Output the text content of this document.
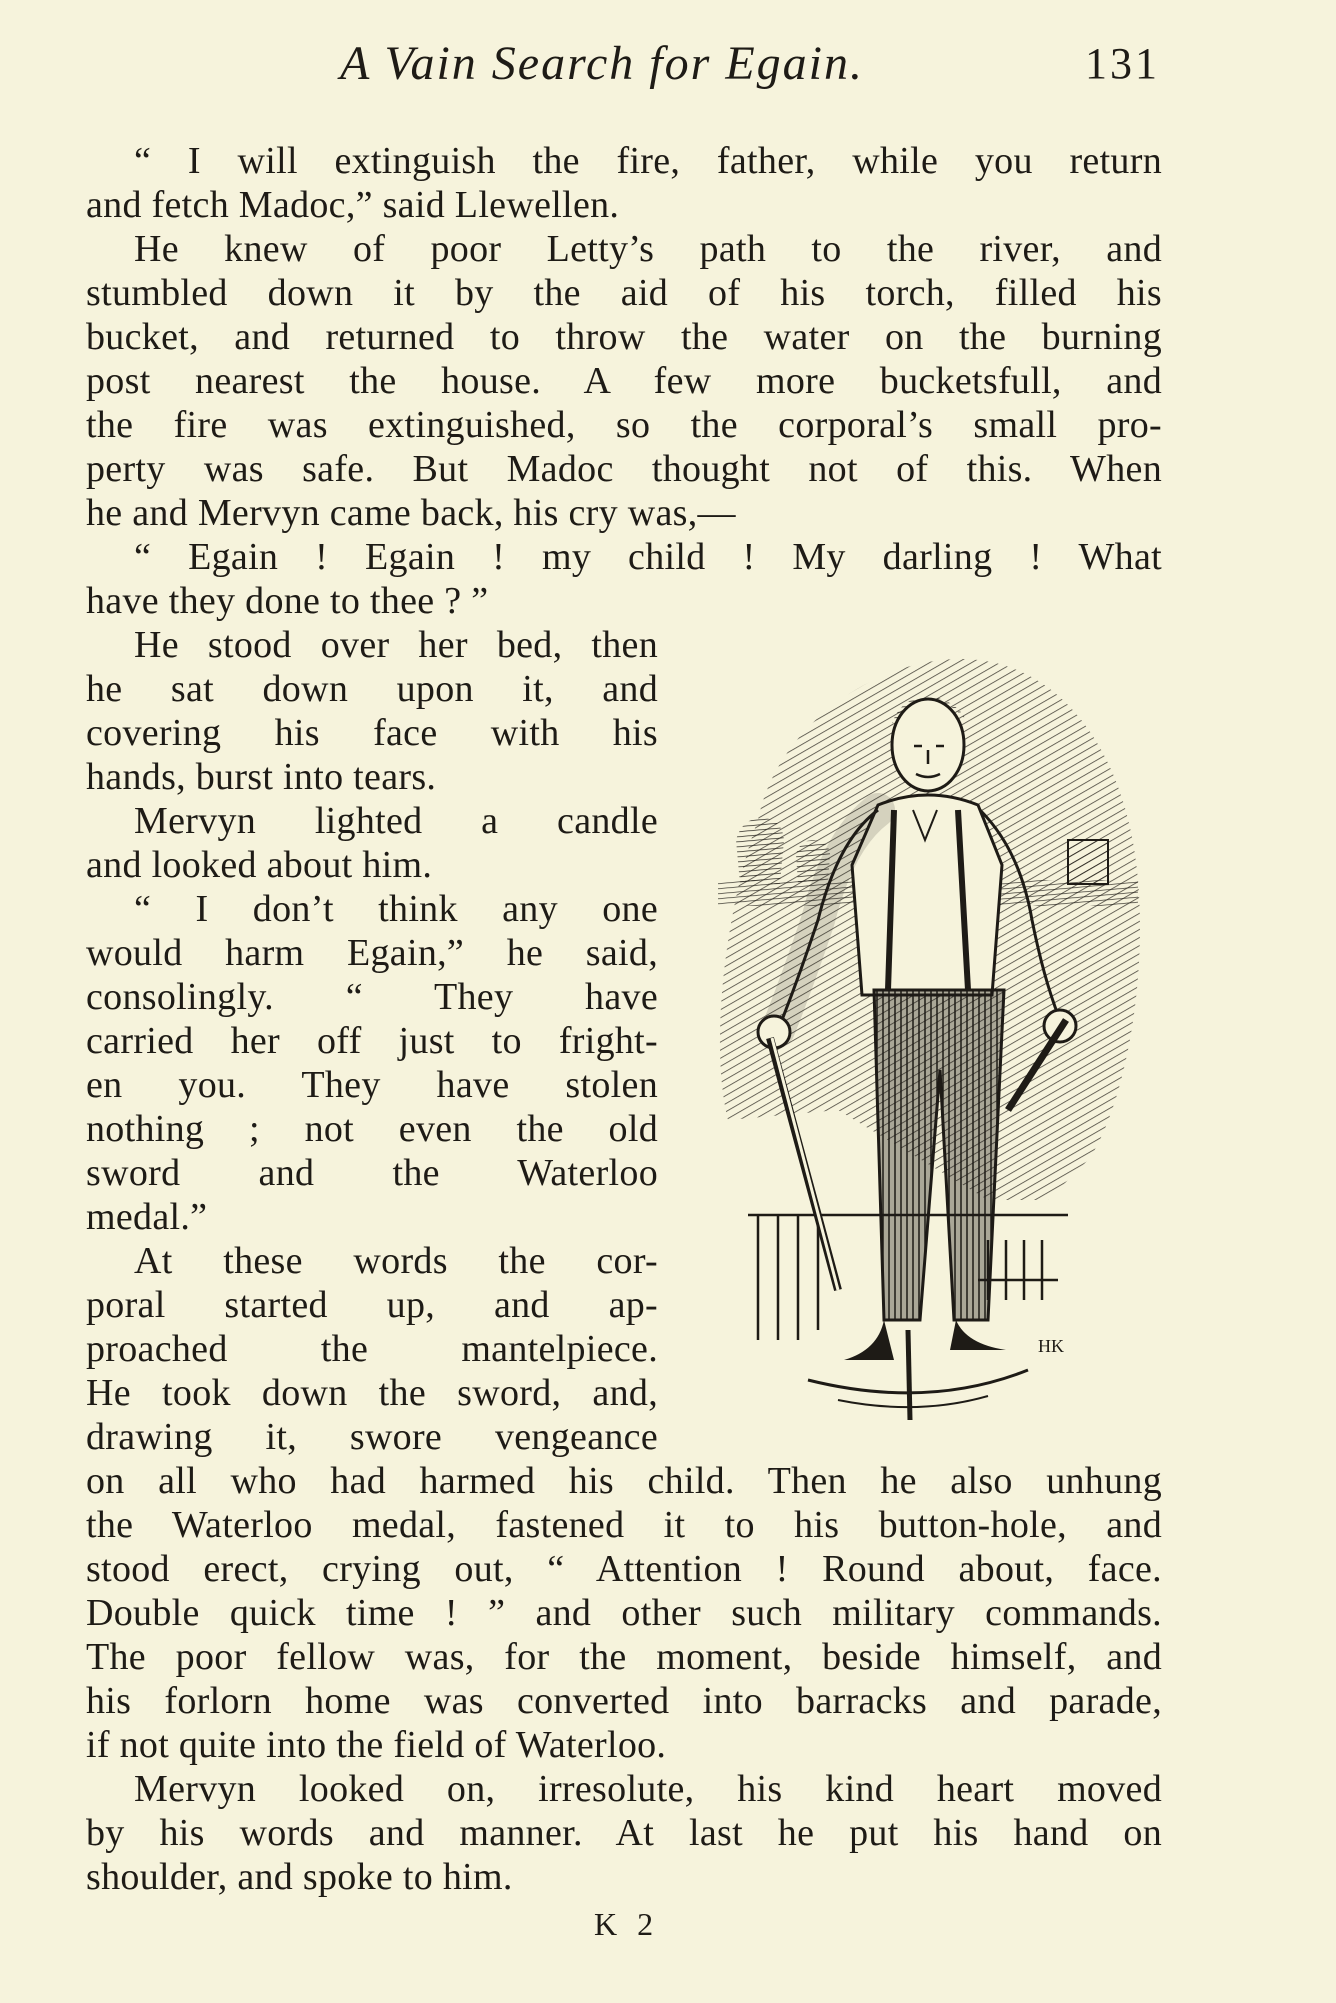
A Vain Search for Egain.	131
“ I will extinguish the fire, father, while you return
and fetch Madoc,” said Llewellen.
He knew of poor Letty’s path to the river, and
stumbled down it by the aid of his torch, filled his
bucket, and returned to throw the water on the burning
post nearest the house. A few more bucketsfull, and
the fire was extinguished, so the corporal’s small pro-
perty was safe. But Madoc thought not of this. When
he and Mervyn came back, his cry was,—
“ Egain ! Egain ! my child ! My darling ! What
have they done to thee ? ”
He stood over her bed, then
he sat down upon it, and
covering his face with his
hands, burst into tears.
Mervyn lighted a candle
and looked about him.
“ I don’t think any one
would harm Egain,” he said,
consolingly. “ They have
carried her off just to fright-
en you. They have stolen
nothing ; not even the old
sword and the Waterloo
medal.”
At these words the cor-
poral started up, and ap-
proached the mantelpiece.
He took down the sword, and,
drawing it, swore vengeance
on all who had harmed his child. Then he also unhung
the Waterloo medal, fastened it to his button-hole, and
stood erect, crying out, “ Attention ! Round about, face.
Double quick time ! ” and other such military commands.
The poor fellow was, for the moment, beside himself, and
his forlorn home was converted into barracks and parade,
if not quite into the field of Waterloo.
Mervyn looked on, irresolute, his kind heart moved
by his words and manner. At last he put his hand on
shoulder, and spoke to him.
HK
K 2
